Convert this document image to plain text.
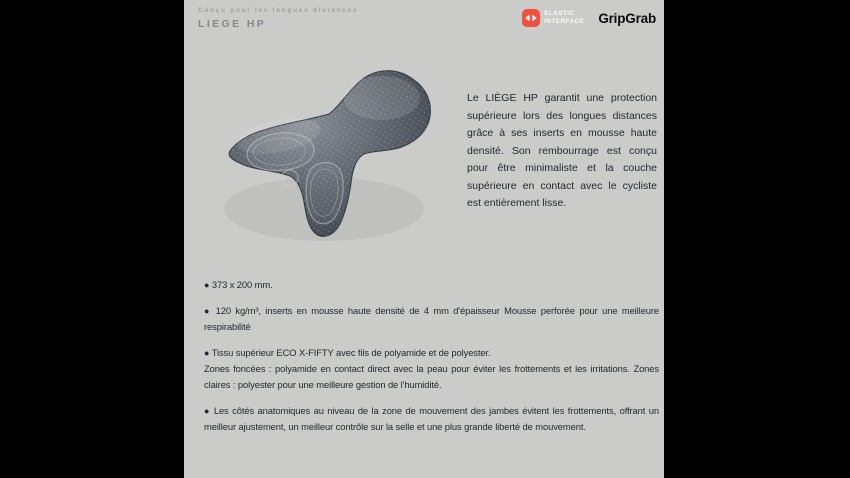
Conçu pour les longues distances
LIEGE HP
ELASTIC
INTERFACE GripGrab
Le LIÈGE HP garantit une protection supérieure lors des longues distances grâce à ses inserts en mousse haute densité. Son rembourrage est conçu pour être minimaliste et la couche supérieure en contact avec le cycliste est entièrement lisse.
● 373 x 200 mm.
● 120 kg/m³, inserts en mousse haute densité de 4 mm d'épaisseur Mousse perforée pour une meilleure respirabilité
● Tissu supérieur ECO X-FIFTY avec fils de polyamide et de polyester.
Zones foncées : polyamide en contact direct avec la peau pour éviter les frottements et les irritations. Zones claires : polyester pour une meilleure gestion de l'humidité.
● Les côtés anatomiques au niveau de la zone de mouvement des jambes évitent les frottements, offrant un meilleur ajustement, un meilleur contrôle sur la selle et une plus grande liberté de mouvement.
